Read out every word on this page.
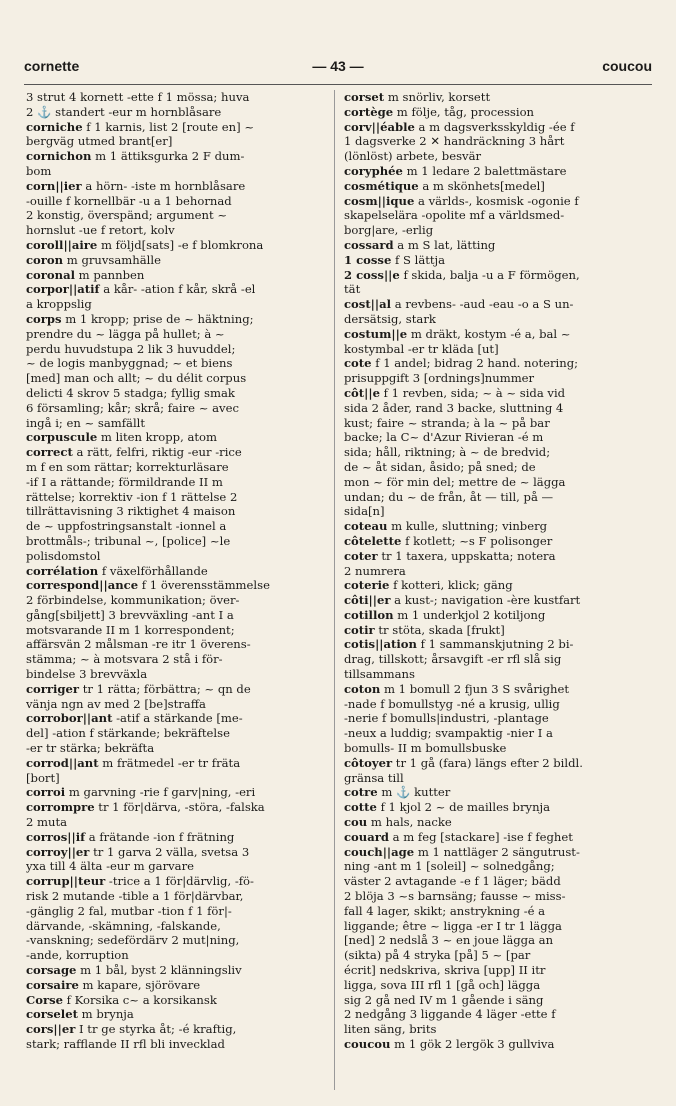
cornette	— 43 —	coucou
3 strut 4 kornett -ette f 1 mössa; huva
2 ⚓ standert -eur m hornblåsare
corniche f 1 karnis, list 2 [route en] ~
bergväg utmed brant[er]
cornichon m 1 ättiksgurka 2 F dum-
bom
corn||ier a hörn- -iste m hornblåsare
-ouille f kornellbär -u a 1 behornad
2 konstig, överspänd; argument ~
hornslut -ue f retort, kolv
coroll||aire m följd[sats] -e f blomkrona
coron m gruvsamhälle
coronal m pannben
corpor||atif a kår- -ation f kår, skrå -el
a kroppslig
corps m 1 kropp; prise de ~ häktning;
prendre du ~ lägga på hullet; à ~
perdu huvudstupa 2 lik 3 huvuddel;
~ de logis manbyggnad; ~ et biens
[med] man och allt; ~ du délit corpus
delicti 4 skrov 5 stadga; fyllig smak
6 församling; kår; skrå; faire ~ avec
ingå i; en ~ samfällt
corpuscule m liten kropp, atom
correct a rätt, felfri, riktig -eur -rice
m f en som rättar; korrekturläsare
-if I a rättande; förmildrande II m
rättelse; korrektiv -ion f 1 rättelse 2
tillrättavisning 3 riktighet 4 maison
de ~ uppfostringsanstalt -ionnel a
brottmåls-; tribunal ~, [police] ~le
polisdomstol
corrélation f växelförhållande
correspond||ance f 1 överensstämmelse
2 förbindelse, kommunikation; över-
gång[sbiljett] 3 brevväxling -ant I a
motsvarande II m 1 korrespondent;
affärsvän 2 målsman -re itr 1 överens-
stämma; ~ à motsvara 2 stå i för-
bindelse 3 brevväxla
corriger tr 1 rätta; förbättra; ~ qn de
vänja ngn av med 2 [be]straffa
corrobor||ant -atif a stärkande [me-
del] -ation f stärkande; bekräftelse
-er tr stärka; bekräfta
corrod||ant m frätmedel -er tr fräta
[bort]
corroi m garvning -rie f garv|ning, -eri
corrompre tr 1 för|därva, -störa, -falska
2 muta
corros||if a frätande -ion f frätning
corroy||er tr 1 garva 2 välla, svetsa 3
yxa till 4 älta -eur m garvare
corrup||teur -trice a 1 för|därvlig, -fö-
risk 2 mutande -tible a 1 för|därvbar,
-gänglig 2 fal, mutbar -tion f 1 för|-
därvande, -skämning, -falskande,
-vanskning; sedefördärv 2 mut|ning,
-ande, korruption
corsage m 1 bål, byst 2 klänningsliv
corsaire m kapare, sjörövare
Corse f Korsika c~ a korsikansk
corselet m brynja
cors||er I tr ge styrka åt; -é kraftig,
stark; rafflande II rfl bli invecklad
corset m snörliv, korsett
cortège m följe, tåg, procession
corv||éable a m dagsverksskyldig -ée f
1 dagsverke 2 ✕ handräckning 3 hårt
(lönlöst) arbete, besvär
coryphée m 1 ledare 2 balettmästare
cosmétique a m skönhets[medel]
cosm||ique a världs-, kosmisk -ogonie f
skapelselära -opolite mf a världsmed-
borg|are, -erlig
cossard a m S lat, lätting
1 cosse f S lättja
2 coss||e f skida, balja -u a F förmögen,
tät
cost||al a revbens- -aud -eau -o a S un-
dersätsig, stark
costum||e m dräkt, kostym -é a, bal ~
kostymbal -er tr kläda [ut]
cote f 1 andel; bidrag 2 hand. notering;
prisuppgift 3 [ordnings]nummer
côt||e f 1 revben, sida; ~ à ~ sida vid
sida 2 åder, rand 3 backe, sluttning 4
kust; faire ~ stranda; à la ~ på bar
backe; la C~ d'Azur Rivieran -é m
sida; håll, riktning; à ~ de bredvid;
de ~ åt sidan, åsido; på sned; de
mon ~ för min del; mettre de ~ lägga
undan; du ~ de från, åt — till, på —
sida[n]
coteau m kulle, sluttning; vinberg
côtelette f kotlett; ~s F polisonger
coter tr 1 taxera, uppskatta; notera
2 numrera
coterie f kotteri, klick; gäng
côti||er a kust-; navigation -ère kustfart
cotillon m 1 underkjol 2 kotiljong
cotir tr stöta, skada [frukt]
cotis||ation f 1 sammanskjutning 2 bi-
drag, tillskott; årsavgift -er rfl slå sig
tillsammans
coton m 1 bomull 2 fjun 3 S svårighet
-nade f bomullstyg -né a krusig, ullig
-nerie f bomulls|industri, -plantage
-neux a luddig; svampaktig -nier I a
bomulls- II m bomullsbuske
côtoyer tr 1 gå (fara) längs efter 2 bildl.
gränsa till
cotre m ⚓ kutter
cotte f 1 kjol 2 ~ de mailles brynja
cou m hals, nacke
couard a m feg [stackare] -ise f feghet
couch||age m 1 nattläger 2 sängutrust-
ning -ant m 1 [soleil] ~ solnedgång;
väster 2 avtagande -e f 1 läger; bädd
2 blöja 3 ~s barnsäng; fausse ~ miss-
fall 4 lager, skikt; anstrykning -é a
liggande; être ~ ligga -er I tr 1 lägga
[ned] 2 nedslå 3 ~ en joue lägga an
(sikta) på 4 stryka [på] 5 ~ [par
écrit] nedskriva, skriva [upp] II itr
ligga, sova III rfl 1 [gå och] lägga
sig 2 gå ned IV m 1 gående i säng
2 nedgång 3 liggande 4 läger -ette f
liten säng, brits
coucou m 1 gök 2 lergök 3 gullviva
